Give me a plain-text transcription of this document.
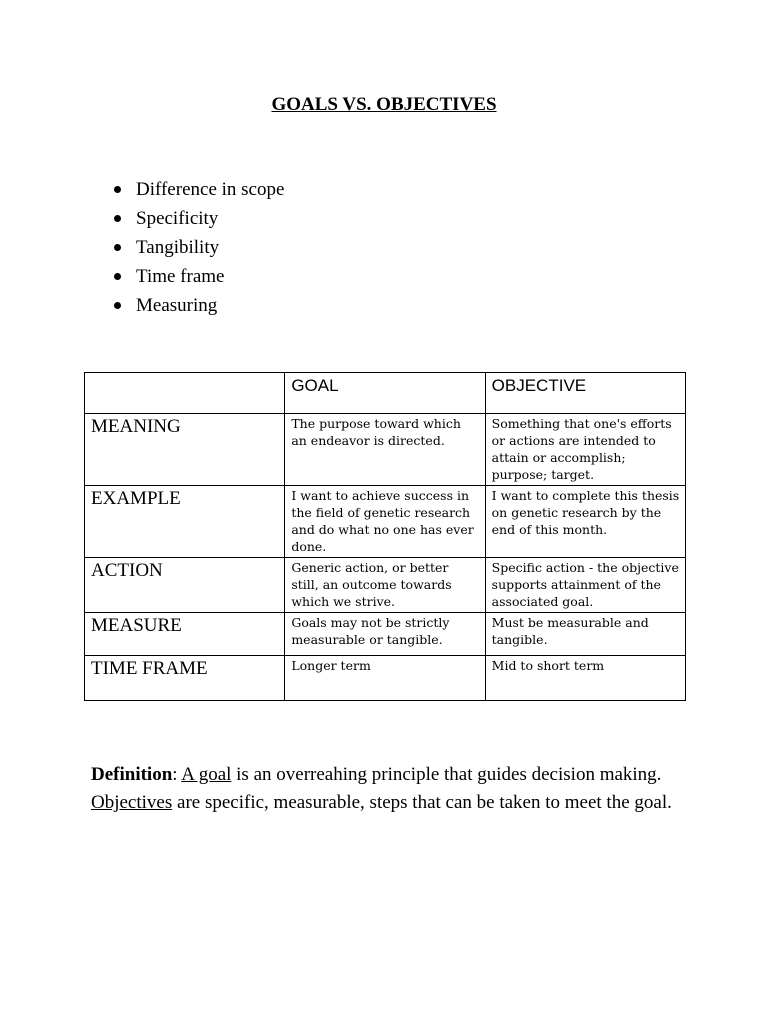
GOALS VS. OBJECTIVES
Difference in scope
Specificity
Tangibility
Time frame
Measuring
	GOAL	OBJECTIVE
MEANING	The purpose toward which an endeavor is directed.	Something that one's efforts or actions are intended to attain or accomplish; purpose; target.
EXAMPLE	I want to achieve success in the field of genetic research and do what no one has ever done.	I want to complete this thesis on genetic research by the end of this month.
ACTION	Generic action, or better still, an outcome towards which we strive.	Specific action - the objective supports attainment of the associated goal.
MEASURE	Goals may not be strictly measurable or tangible.	Must be measurable and tangible.
TIME FRAME	Longer term	Mid to short term

Definition: A goal is an overreahing principle that guides decision making. Objectives are specific, measurable, steps that can be taken to meet the goal.
